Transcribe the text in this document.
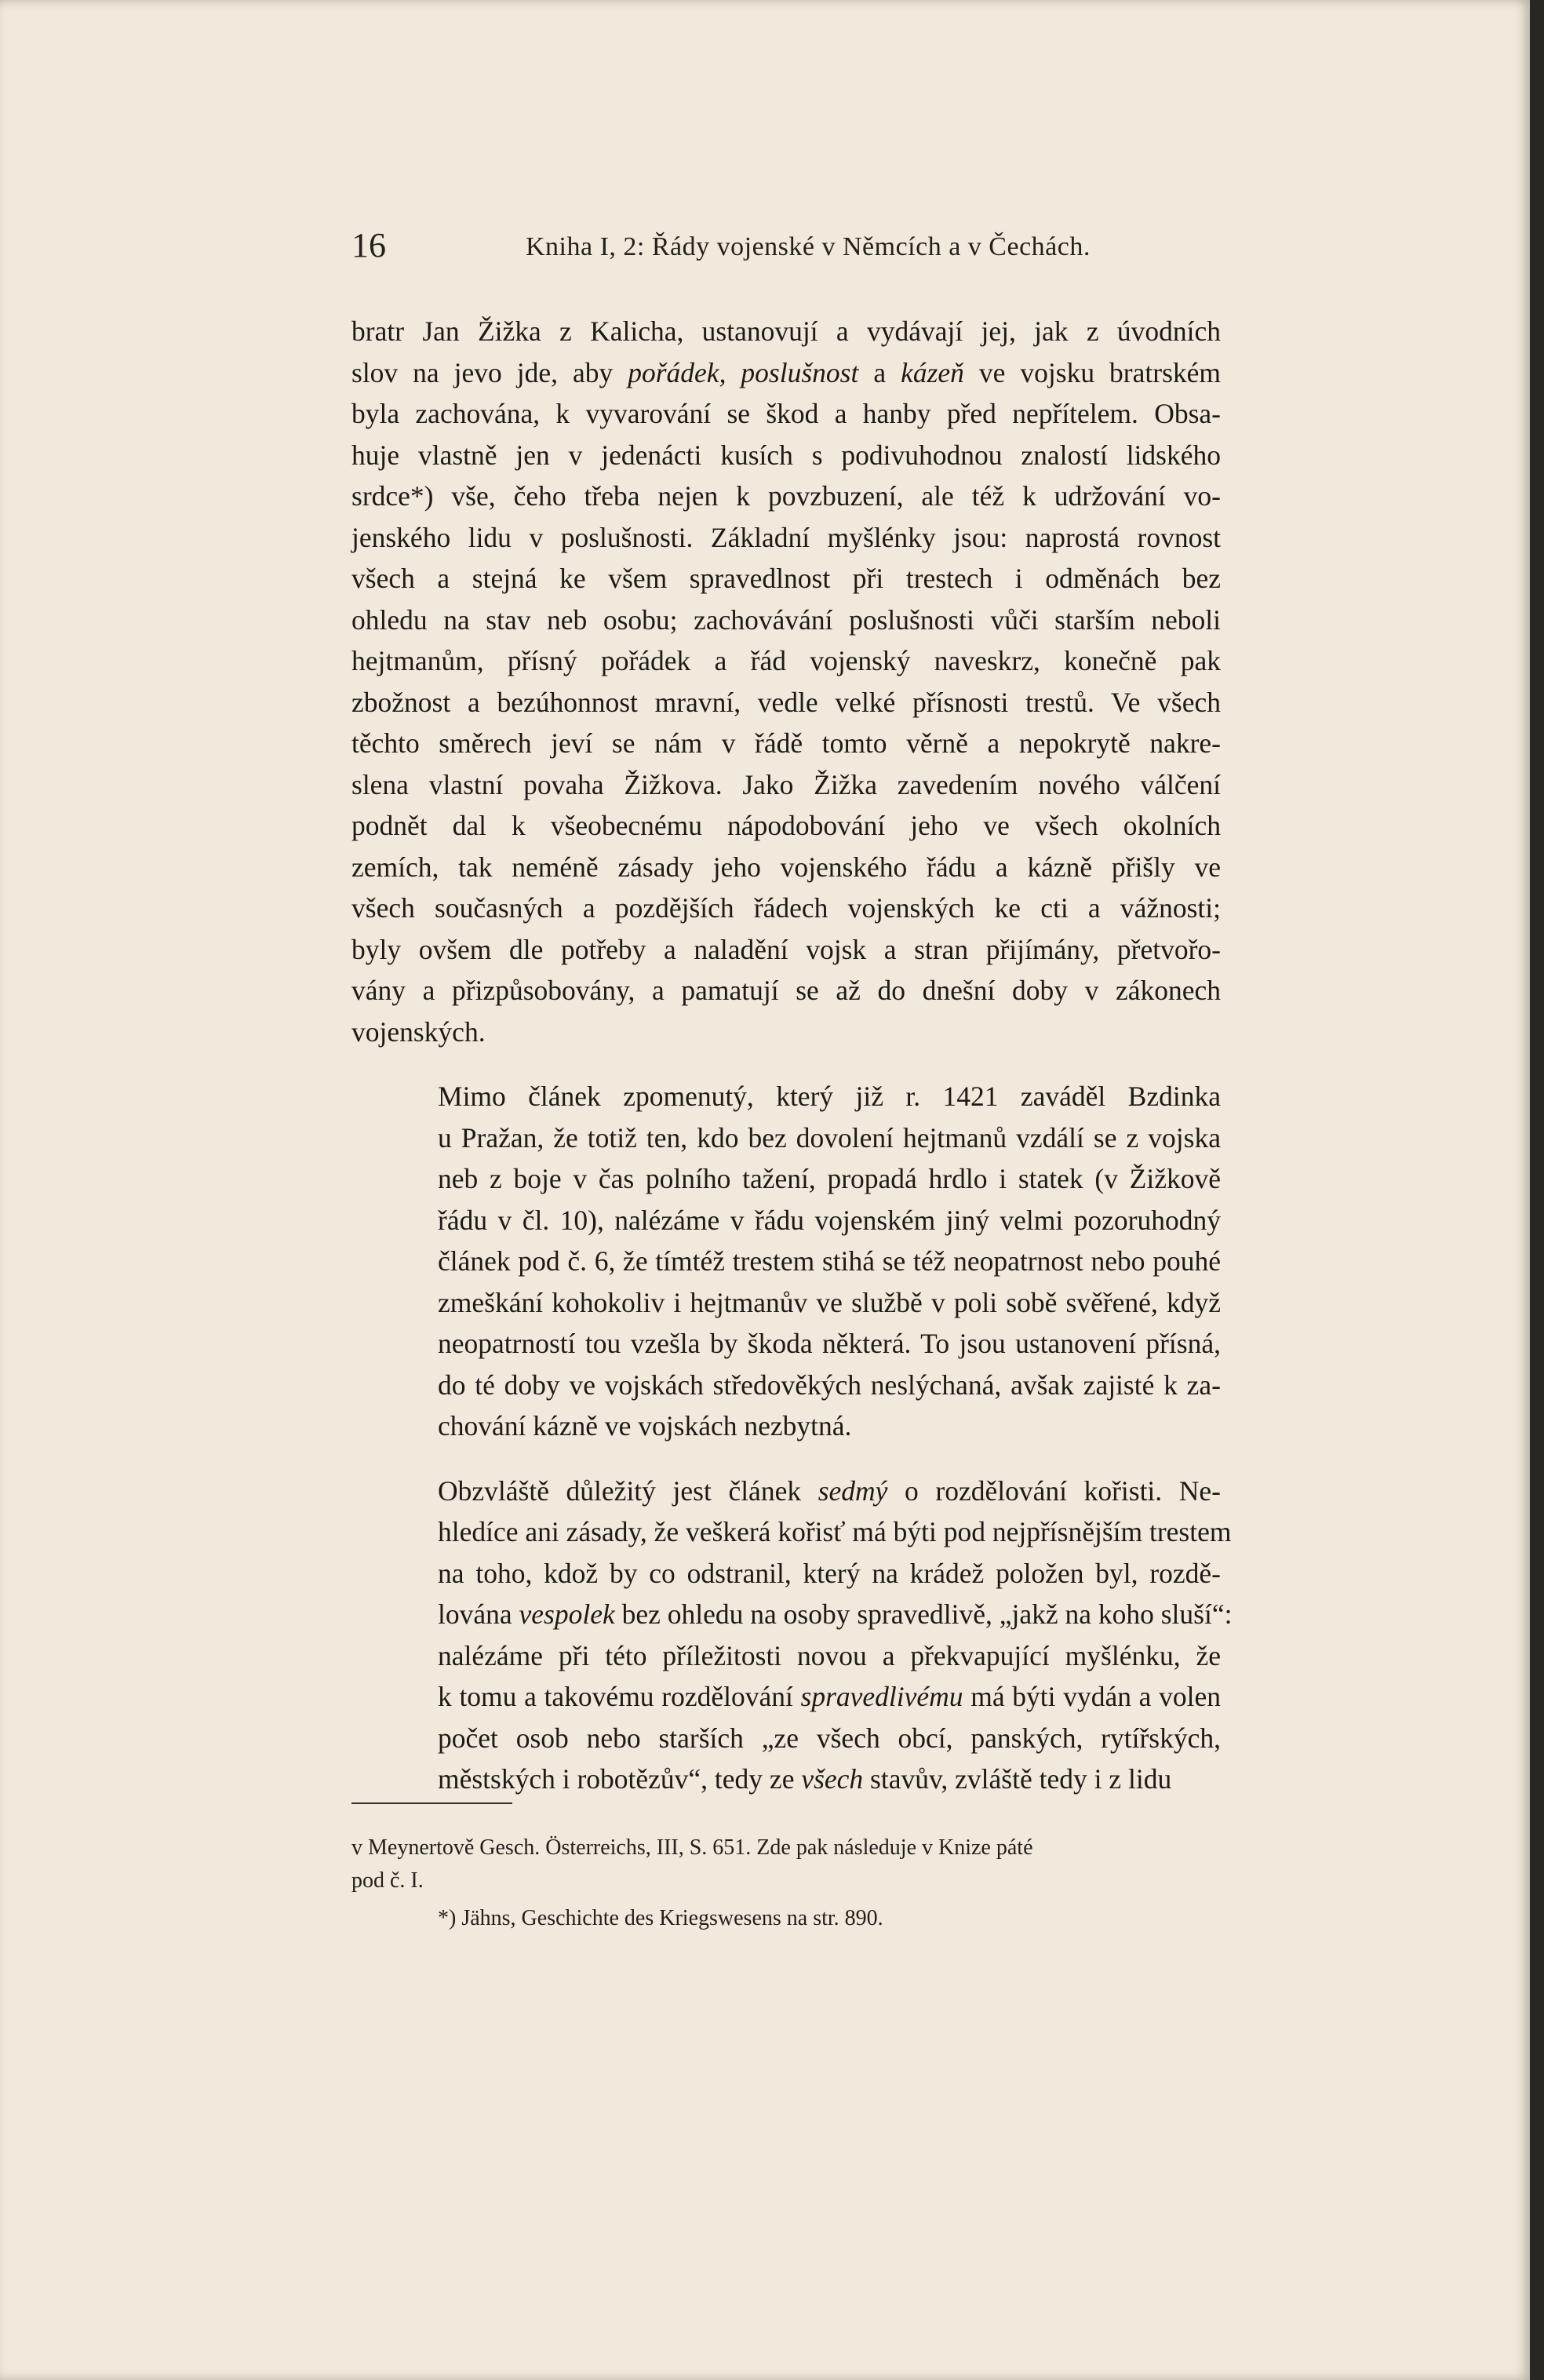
16	Kniha I, 2: Řády vojenské v Němcích a v Čechách.
bratr Jan Žižka z Kalicha, ustanovují a vydávají jej, jak z úvodních
slov na jevo jde, aby pořádek, poslušnost a kázeň ve vojsku bratrském
byla zachována, k vyvarování se škod a hanby před nepřítelem. Obsa-
huje vlastně jen v jedenácti kusích s podivuhodnou znalostí lidského
srdce*) vše, čeho třeba nejen k povzbuzení, ale též k udržování vo-
jenského lidu v poslušnosti. Základní myšlénky jsou: naprostá rovnost
všech a stejná ke všem spravedlnost při trestech i odměnách bez
ohledu na stav neb osobu; zachovávání poslušnosti vůči starším neboli
hejtmanům, přísný pořádek a řád vojenský naveskrz, konečně pak
zbožnost a bezúhonnost mravní, vedle velké přísnosti trestů. Ve všech
těchto směrech jeví se nám v řádě tomto věrně a nepokrytě nakre-
slena vlastní povaha Žižkova. Jako Žižka zavedením nového válčení
podnět dal k všeobecnému nápodobování jeho ve všech okolních
zemích, tak neméně zásady jeho vojenského řádu a kázně přišly ve
všech současných a pozdějších řádech vojenských ke cti a vážnosti;
byly ovšem dle potřeby a naladění vojsk a stran přijímány, přetvořo-
vány a přizpůsobovány, a pamatují se až do dnešní doby v zákonech
vojenských.
Mimo článek zpomenutý, který již r. 1421 zaváděl Bzdinka
u Pražan, že totiž ten, kdo bez dovolení hejtmanů vzdálí se z vojska
neb z boje v čas polního tažení, propadá hrdlo i statek (v Žižkově
řádu v čl. 10), nalézáme v řádu vojenském jiný velmi pozoruhodný
článek pod č. 6, že tímtéž trestem stihá se též neopatrnost nebo pouhé
zmeškání kohokoliv i hejtmanův ve službě v poli sobě svěřené, když
neopatrností tou vzešla by škoda některá. To jsou ustanovení přísná,
do té doby ve vojskách středověkých neslýchaná, avšak zajisté k za-
chování kázně ve vojskách nezbytná.
Obzvláště důležitý jest článek sedmý o rozdělování kořisti. Ne-
hledíce ani zásady, že veškerá kořisť má býti pod nejpřísnějším trestem
na toho, kdož by co odstranil, který na krádež položen byl, rozdě-
lována vespolek bez ohledu na osoby spravedlivě, „jakž na koho sluší“:
nalézáme při této příležitosti novou a překvapující myšlénku, že
k tomu a takovému rozdělování spravedlivému má býti vydán a volen
počet osob nebo starších „ze všech obcí, panských, rytířských,
městských i robotězův“, tedy ze všech stavův, zvláště tedy i z lidu

v Meynertově Gesch. Österreichs, III, S. 651. Zde pak následuje v Knize páté
pod č. I.

*) Jähns, Geschichte des Kriegswesens na str. 890.
